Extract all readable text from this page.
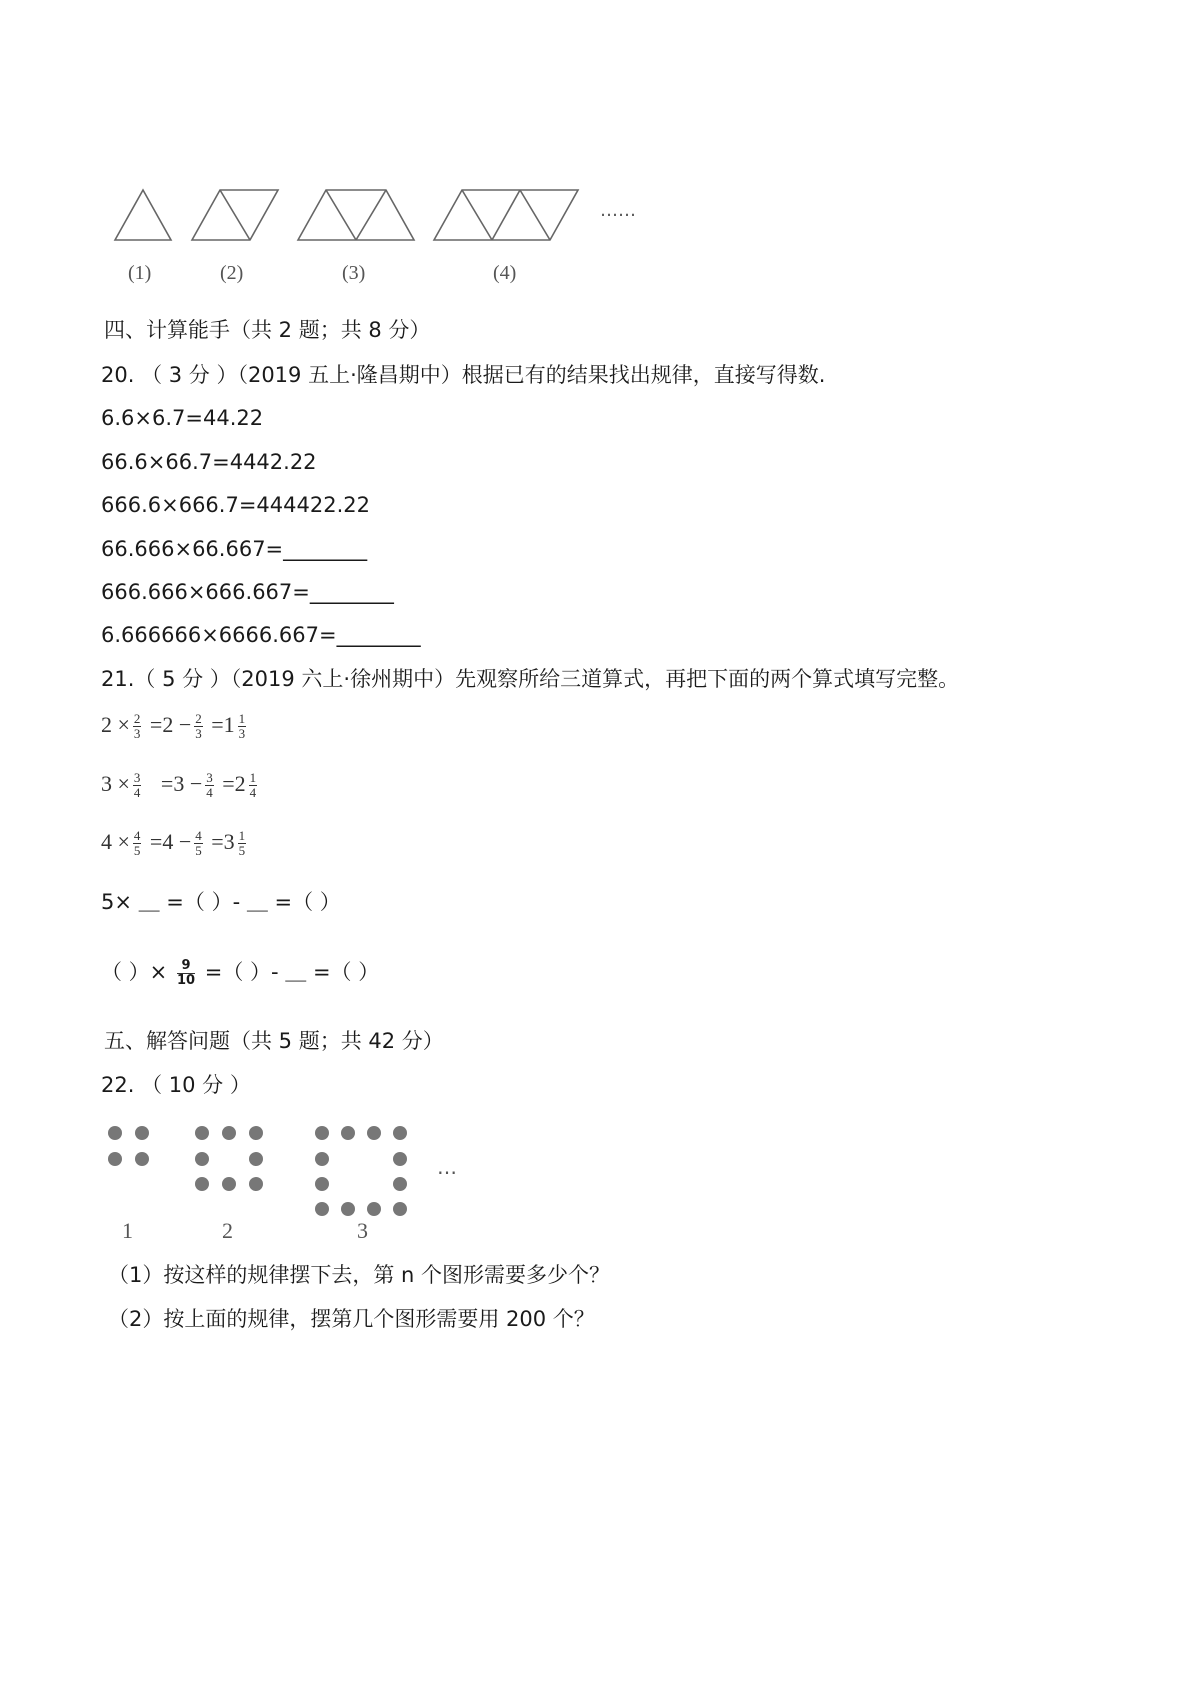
……
(1)	(2)	(3)	(4)
四、计算能手（共 2 题；共 8 分）
20. （ 3 分 ）（2019 五上·隆昌期中）根据已有的结果找出规律，直接写得数.
6.6×6.7=44.22
66.6×66.7=4442.22
666.6×666.7=444422.22
66.666×66.667=________
666.666×666.667=________
6.666666×6666.667=________
21.（ 5 分 ）（2019 六上·徐州期中）先观察所给三道算式，再把下面的两个算式填写完整。
$2 \times \frac{2}{3} =2 - \frac{2}{3} =1 \frac{1}{3}$
$3 \times \frac{3}{4} =3 - \frac{3}{4} =2 \frac{1}{4}$
$4 \times \frac{4}{5} =4 - \frac{4}{5} =3 \frac{1}{5}$
5× ＿ =（ ）- ＿ =（ ）
（ ）× $\frac{9}{10}$ =（ ）- ＿ =（ ）
五、解答问题（共 5 题；共 42 分）
22. （ 10 分 ）
…
1	2	3
（1）按这样的规律摆下去，第 n 个图形需要多少个？
（2）按上面的规律，摆第几个图形需要用 200 个？
